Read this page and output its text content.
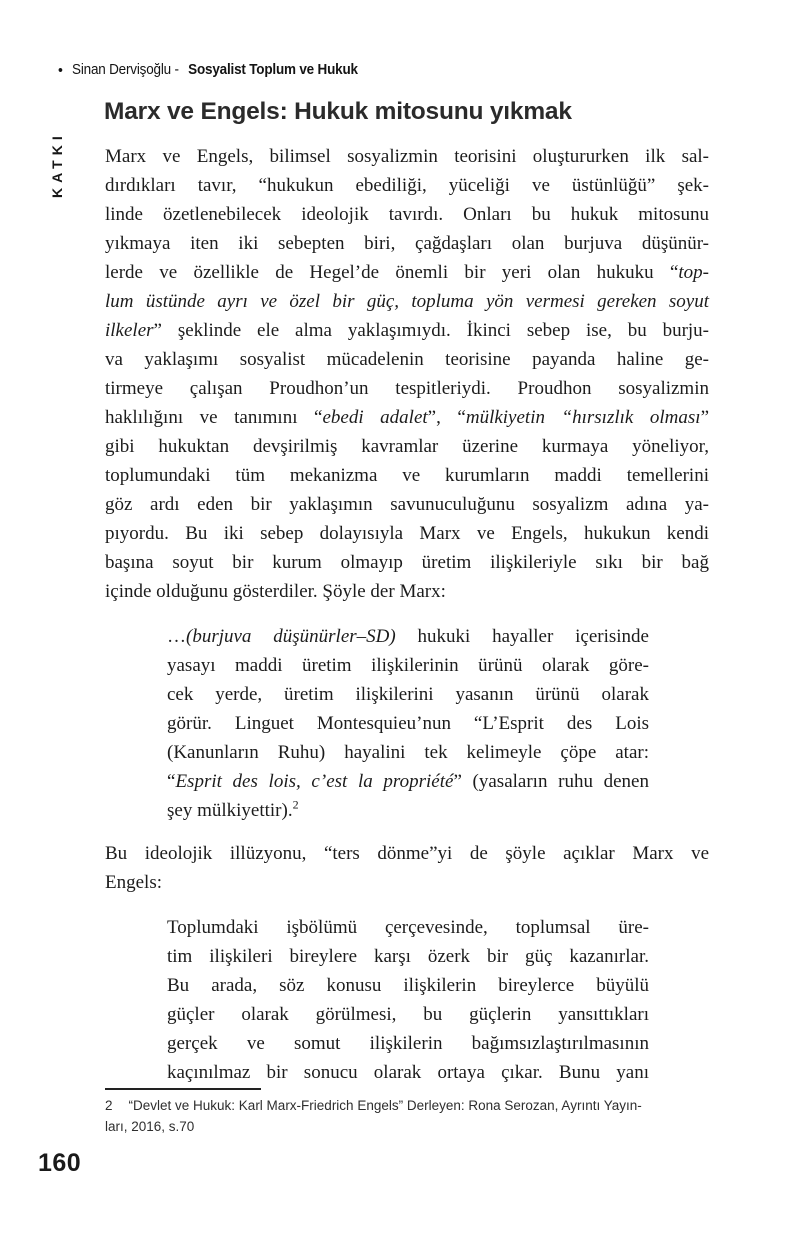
• Sinan Dervişoğlu - Sosyalist Toplum ve Hukuk
KATKI
Marx ve Engels: Hukuk mitosunu yıkmak
Marx ve Engels, bilimsel sosyalizmin teorisini oluştururken ilk sal-
dırdıkları tavır, “hukukun ebediliği, yüceliği ve üstünlüğü” şek-
linde özetlenebilecek ideolojik tavırdı. Onları bu hukuk mitosunu
yıkmaya iten iki sebepten biri, çağdaşları olan burjuva düşünür-
lerde ve özellikle de Hegel’de önemli bir yeri olan hukuku “top-
lum üstünde ayrı ve özel bir güç, topluma yön vermesi gereken soyut
ilkeler” şeklinde ele alma yaklaşımıydı. İkinci sebep ise, bu burju-
va yaklaşımı sosyalist mücadelenin teorisine payanda haline ge-
tirmeye çalışan Proudhon’un tespitleriydi. Proudhon sosyalizmin
haklılığını ve tanımını “ebedi adalet”, “mülkiyetin “hırsızlık olması”
gibi hukuktan devşirilmiş kavramlar üzerine kurmaya yöneliyor,
toplumundaki tüm mekanizma ve kurumların maddi temellerini
göz ardı eden bir yaklaşımın savunuculuğunu sosyalizm adına ya-
pıyordu. Bu iki sebep dolayısıyla Marx ve Engels, hukukun kendi
başına soyut bir kurum olmayıp üretim ilişkileriyle sıkı bir bağ
içinde olduğunu gösterdiler. Şöyle der Marx:
…(burjuva düşünürler–SD) hukuki hayaller içerisinde
yasayı maddi üretim ilişkilerinin ürünü olarak göre-
cek yerde, üretim ilişkilerini yasanın ürünü olarak
görür. Linguet Montesquieu’nun “L’Esprit des Lois
(Kanunların Ruhu) hayalini tek kelimeyle çöpe atar:
“Esprit des lois, c’est la propriété” (yasaların ruhu denen
şey mülkiyettir).$^2$
Bu ideolojik illüzyonu, “ters dönme”yi de şöyle açıklar Marx ve
Engels:
Toplumdaki işbölümü çerçevesinde, toplumsal üre-
tim ilişkileri bireylere karşı özerk bir güç kazanırlar.
Bu arada, söz konusu ilişkilerin bireylerce büyülü
güçler olarak görülmesi, bu güçlerin yansıttıkları
gerçek ve somut ilişkilerin bağımsızlaştırılmasının
kaçınılmaz bir sonucu olarak ortaya çıkar. Bunu yanı
2 “Devlet ve Hukuk: Karl Marx-Friedrich Engels” Derleyen: Rona Serozan, Ayrıntı Yayın-
ları, 2016, s.70
160
